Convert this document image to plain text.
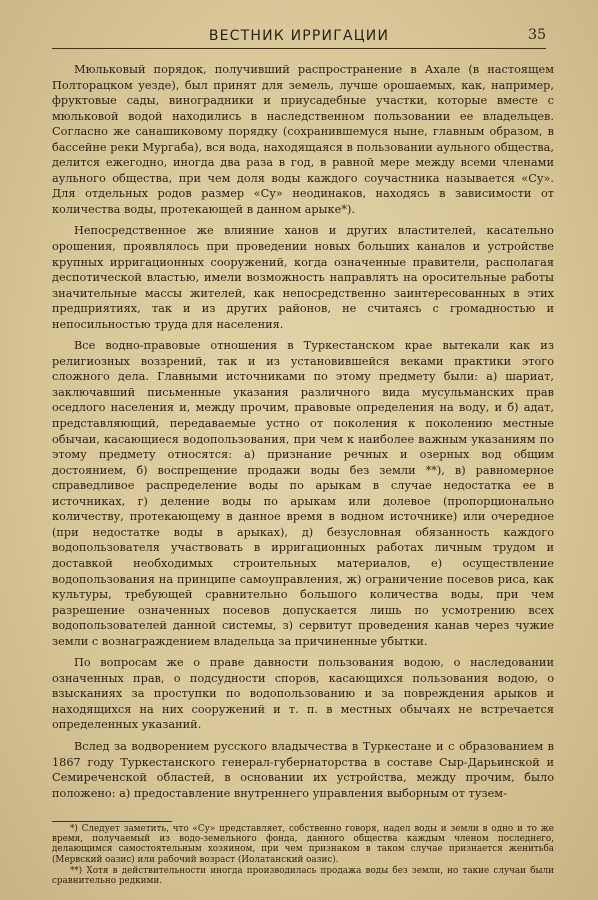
ВЕСТНИК ИРРИГАЦИИ	35

Мюльковый порядок, получивший распространение в Ахале (в настоящем Полторацком уезде), был принят для земель, лучше орошаемых, как, например, фруктовые сады, виноградники и приусадебные участки, которые вместе с мюльковой водой находились в наследственном пользовании ее владельцев. Согласно же санашиковому порядку (сохранившемуся ныне, главным образом, в бассейне реки Мургаба), вся вода, находящаяся в пользовании аульного общества, делится ежегодно, иногда два раза в год, в равной мере между всеми членами аульного общества, при чем доля воды каждого соучастника называется «Су». Для отдельных родов размер «Су» неодинаков, находясь в зависимости от количества воды, протекающей в данном арыке*).

Непосредственное же влияние ханов и других властителей, касательно орошения, проявлялось при проведении новых больших каналов и устройстве крупных ирригационных сооружений, когда означенные правители, располагая деспотической властью, имели возможность направлять на оросительные работы значительные массы жителей, как непосредственно заинтересованных в этих предприятиях, так и из других районов, не считаясь с громадностью и непосильностью труда для населения.

Все водно-правовые отношения в Туркестанском крае вытекали как из религиозных воззрений, так и из установившейся веками практики этого сложного дела. Главными источниками по этому предмету были: а) шариат, заключавший письменные указания различного вида мусульманских прав оседлого населения и, между прочим, правовые определения на воду, и б) адат, представляющий, передаваемые устно от поколения к поколению местные обычаи, касающиеся водопользования, при чем к наиболее важным указаниям по этому предмету относятся: а) признание речных и озерных вод общим достоянием, б) воспрещение продажи воды без земли **), в) равномерное справедливое распределение воды по арыкам в случае недостатка ее в источниках, г) деление воды по арыкам или долевое (пропорционально количеству, протекающему в данное время в водном источнике) или очередное (при недостатке воды в арыках), д) безусловная обязанность каждого водопользователя участвовать в ирригационных работах личным трудом и доставкой необходимых строительных материалов, е) осуществление водопользования на принципе самоуправления, ж) ограничение посевов риса, как культуры, требующей сравнительно большого количества воды, при чем разрешение означенных посевов допускается лишь по усмотрению всех водопользователей данной системы, з) сервитут проведения канав через чужие земли с вознаграждением владельца за причиненные убытки.

По вопросам же о праве давности пользования водою, о наследовании означенных прав, о подсудности споров, касающихся пользования водою, о взысканиях за проступки по водопользованию и за повреждения арыков и находящихся на них сооружений и т. п. в местных обычаях не встречается определенных указаний.

Вслед за водворением русского владычества в Туркестане и с образованием в 1867 году Туркестанского генерал-губернаторства в составе Сыр-Дарьинской и Семиреченской областей, в основании их устройства, между прочим, было положено: а) предоставление внутреннего управления выборным от тузем-

*) Следует заметить, что «Су» представляет, собственно говоря, надел воды и земли в одно и то же время, получаемый из водо-земельного фонда, данного общества каждым членом последнего, делающимся самостоятельным хозяином, при чем признаком в таком случае признается женитьба (Мервский оазис) или рабочий возраст (Иолатанский оазис).

**) Хотя в действительности иногда производилась продажа воды без земли, но такие случаи были сравнительно редкими.
